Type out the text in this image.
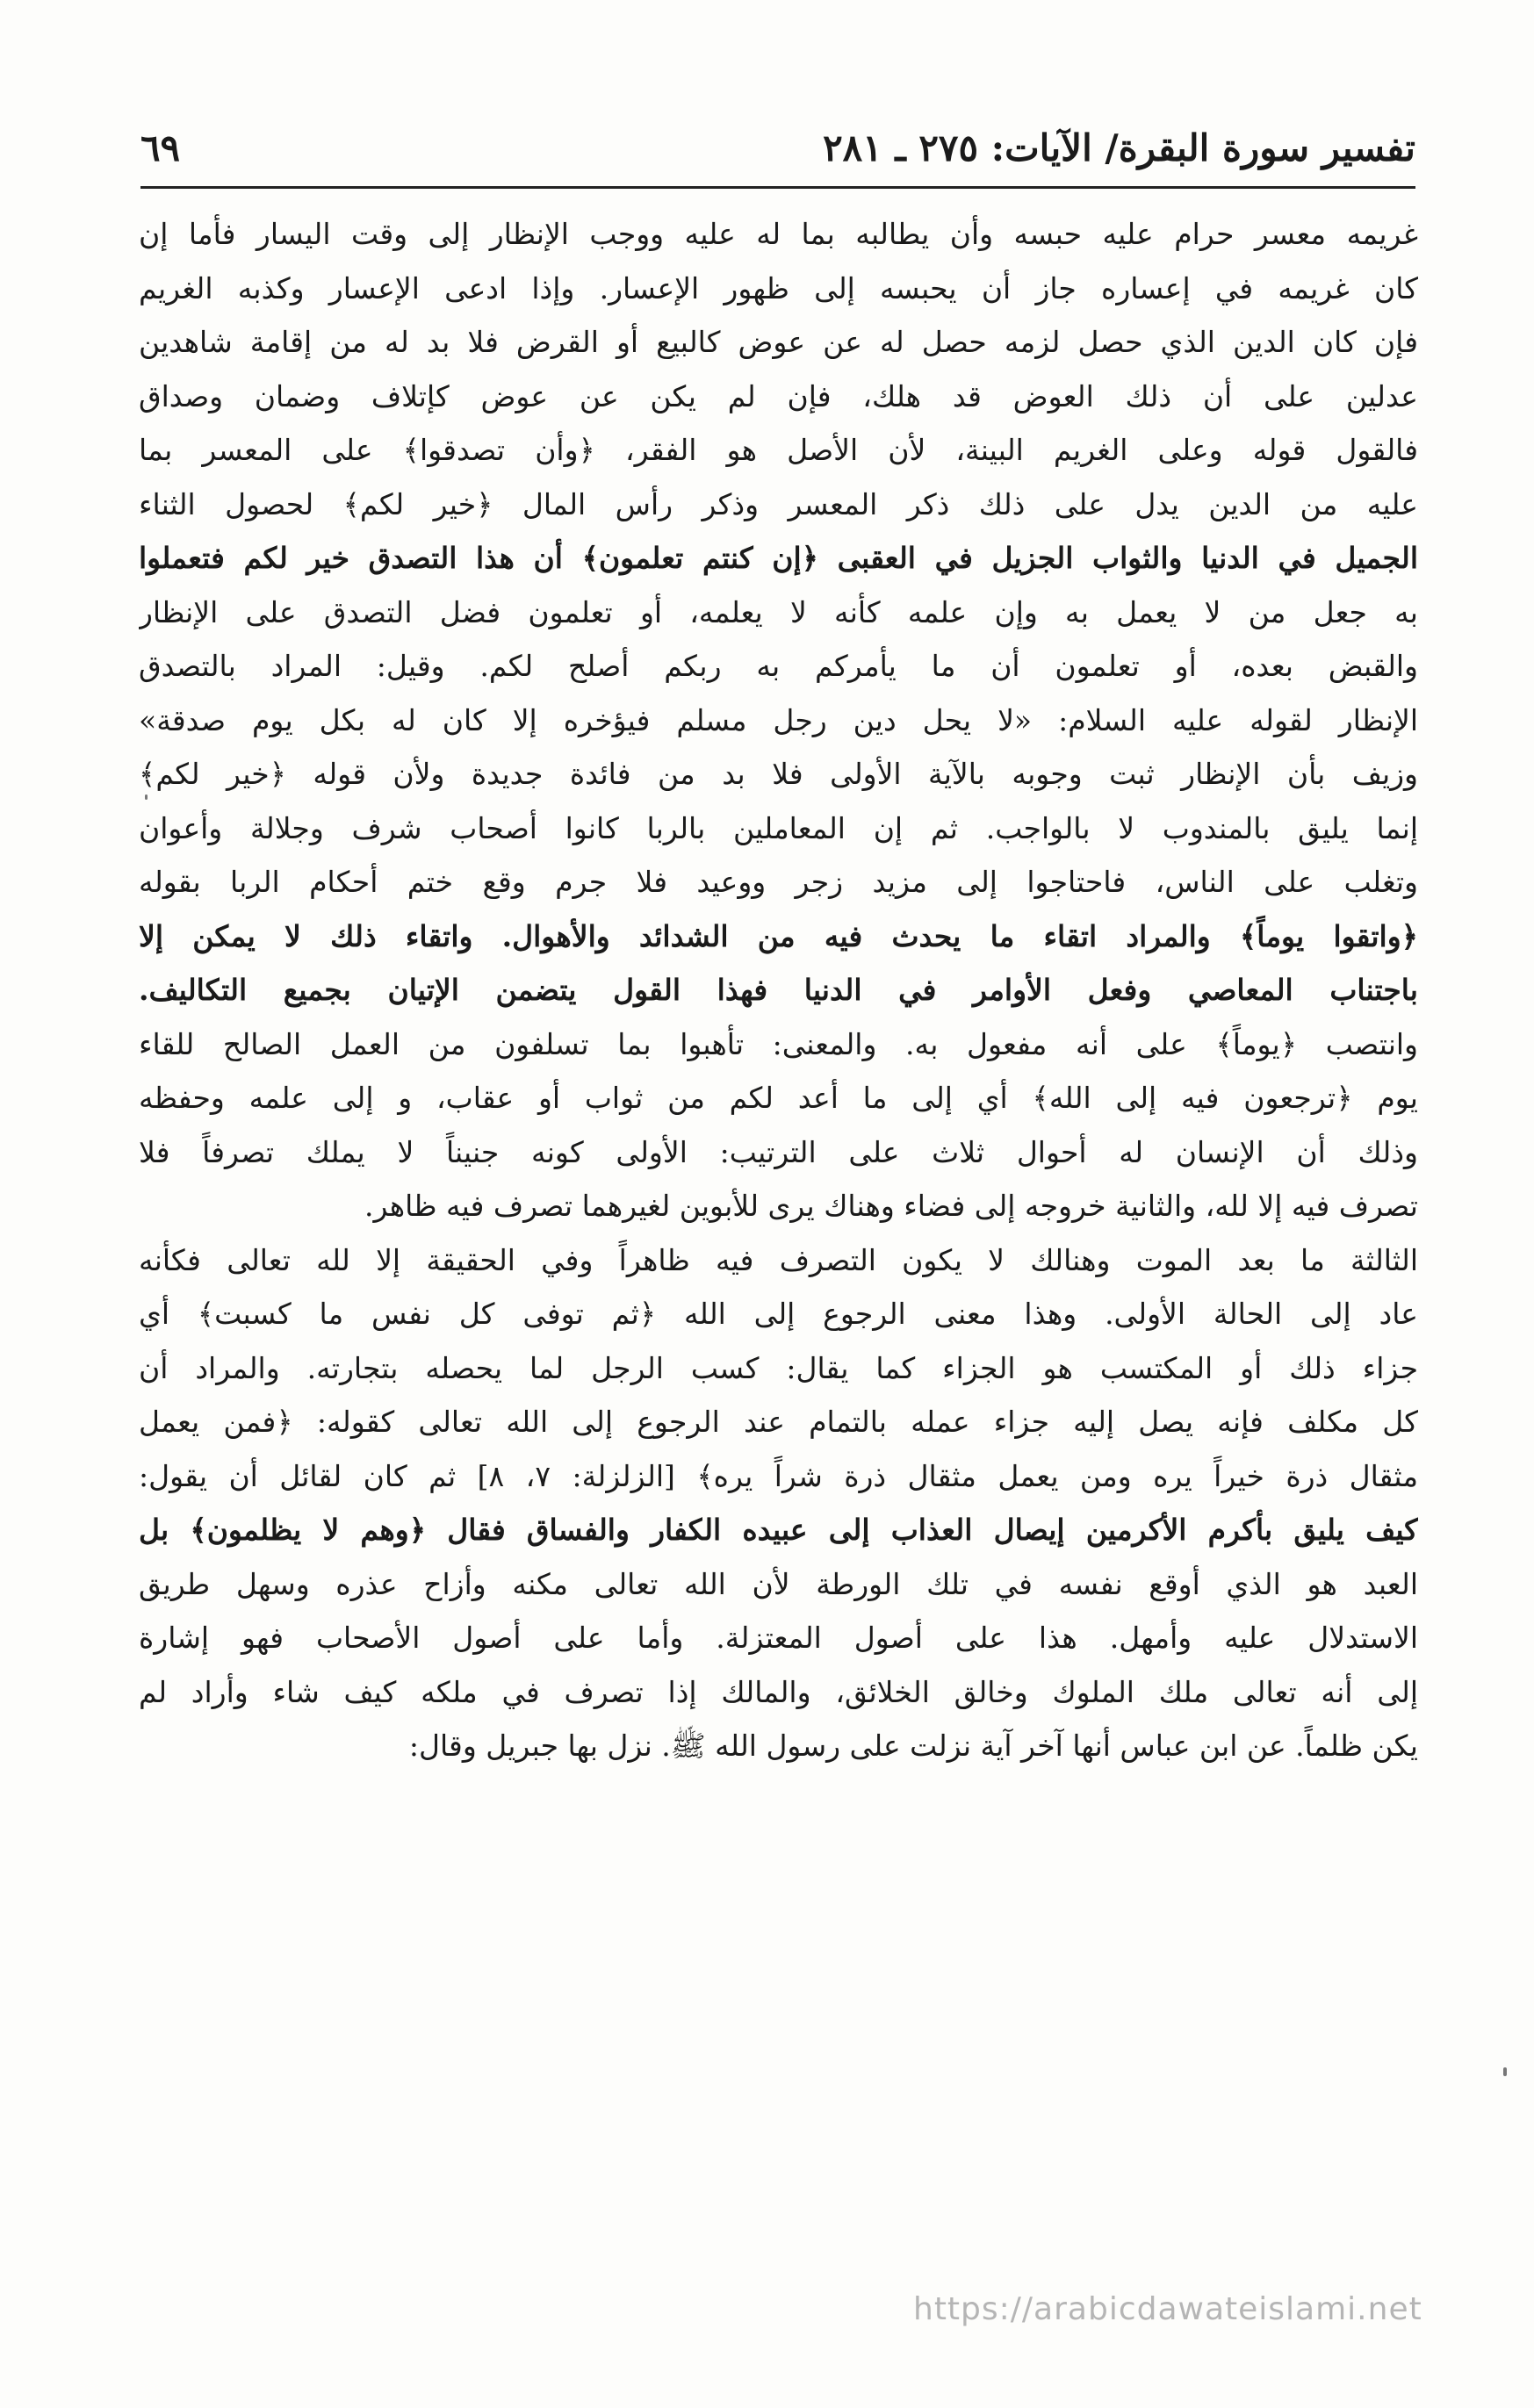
تفسير سورة البقرة/ الآيات: ٢٧٥ ـ ٢٨١
٦٩
غريمه معسر حرام عليه حبسه وأن يطالبه بما له عليه ووجب الإنظار إلى وقت اليسار فأما إن
كان غريمه في إعساره جاز أن يحبسه إلى ظهور الإعسار. وإذا ادعى الإعسار وكذبه الغريم
فإن كان الدين الذي حصل لزمه حصل له عن عوض كالبيع أو القرض فلا بد له من إقامة شاهدين
عدلين على أن ذلك العوض قد هلك، فإن لم يكن عن عوض كإتلاف وضمان وصداق
فالقول قوله وعلى الغريم البينة، لأن الأصل هو الفقر، ﴿وأن تصدقوا﴾ على المعسر بما
عليه من الدين يدل على ذلك ذكر المعسر وذكر رأس المال ﴿خير لكم﴾ لحصول الثناء
الجميل في الدنيا والثواب الجزيل في العقبى ﴿إن كنتم تعلمون﴾ أن هذا التصدق خير لكم فتعملوا
به جعل من لا يعمل به وإن علمه كأنه لا يعلمه، أو تعلمون فضل التصدق على الإنظار
والقبض بعده، أو تعلمون أن ما يأمركم به ربكم أصلح لكم. وقيل: المراد بالتصدق
الإنظار لقوله عليه السلام: «لا يحل دين رجل مسلم فيؤخره إلا كان له بكل يوم صدقة»
وزيف بأن الإنظار ثبت وجوبه بالآية الأولى فلا بد من فائدة جديدة ولأن قوله ﴿خير لكم﴾
إنما يليق بالمندوب لا بالواجب. ثم إن المعاملين بالربا كانوا أصحاب شرف وجلالة وأعوان
وتغلب على الناس، فاحتاجوا إلى مزيد زجر ووعيد فلا جرم وقع ختم أحكام الربا بقوله
﴿واتقوا يوماً﴾ والمراد اتقاء ما يحدث فيه من الشدائد والأهوال. واتقاء ذلك لا يمكن إلا
باجتناب المعاصي وفعل الأوامر في الدنيا فهذا القول يتضمن الإتيان بجميع التكاليف.
وانتصب ﴿يوماً﴾ على أنه مفعول به. والمعنى: تأهبوا بما تسلفون من العمل الصالح للقاء
يوم ﴿ترجعون فيه إلى الله﴾ أي إلى ما أعد لكم من ثواب أو عقاب، و إلى علمه وحفظه
وذلك أن الإنسان له أحوال ثلاث على الترتيب: الأولى كونه جنيناً لا يملك تصرفاً فلا
تصرف فيه إلا لله، والثانية خروجه إلى فضاء وهناك يرى للأبوين لغيرهما تصرف فيه ظاهر.
الثالثة ما بعد الموت وهنالك لا يكون التصرف فيه ظاهراً وفي الحقيقة إلا لله تعالى فكأنه
عاد إلى الحالة الأولى. وهذا معنى الرجوع إلى الله ﴿ثم توفى كل نفس ما كسبت﴾ أي
جزاء ذلك أو المكتسب هو الجزاء كما يقال: كسب الرجل لما يحصله بتجارته. والمراد أن
كل مكلف فإنه يصل إليه جزاء عمله بالتمام عند الرجوع إلى الله تعالى كقوله: ﴿فمن يعمل
مثقال ذرة خيراً يره ومن يعمل مثقال ذرة شراً يره﴾ [الزلزلة: ٧، ٨] ثم كان لقائل أن يقول:
كيف يليق بأكرم الأكرمين إيصال العذاب إلى عبيده الكفار والفساق فقال ﴿وهم لا يظلمون﴾ بل
العبد هو الذي أوقع نفسه في تلك الورطة لأن الله تعالى مكنه وأزاح عذره وسهل طريق
الاستدلال عليه وأمهل. هذا على أصول المعتزلة. وأما على أصول الأصحاب فهو إشارة
إلى أنه تعالى ملك الملوك وخالق الخلائق، والمالك إذا تصرف في ملكه كيف شاء وأراد لم
يكن ظلماً. عن ابن عباس أنها آخر آية نزلت على رسول الله ﷺ. نزل بها جبريل وقال:
https://arabicdawateislami.net
